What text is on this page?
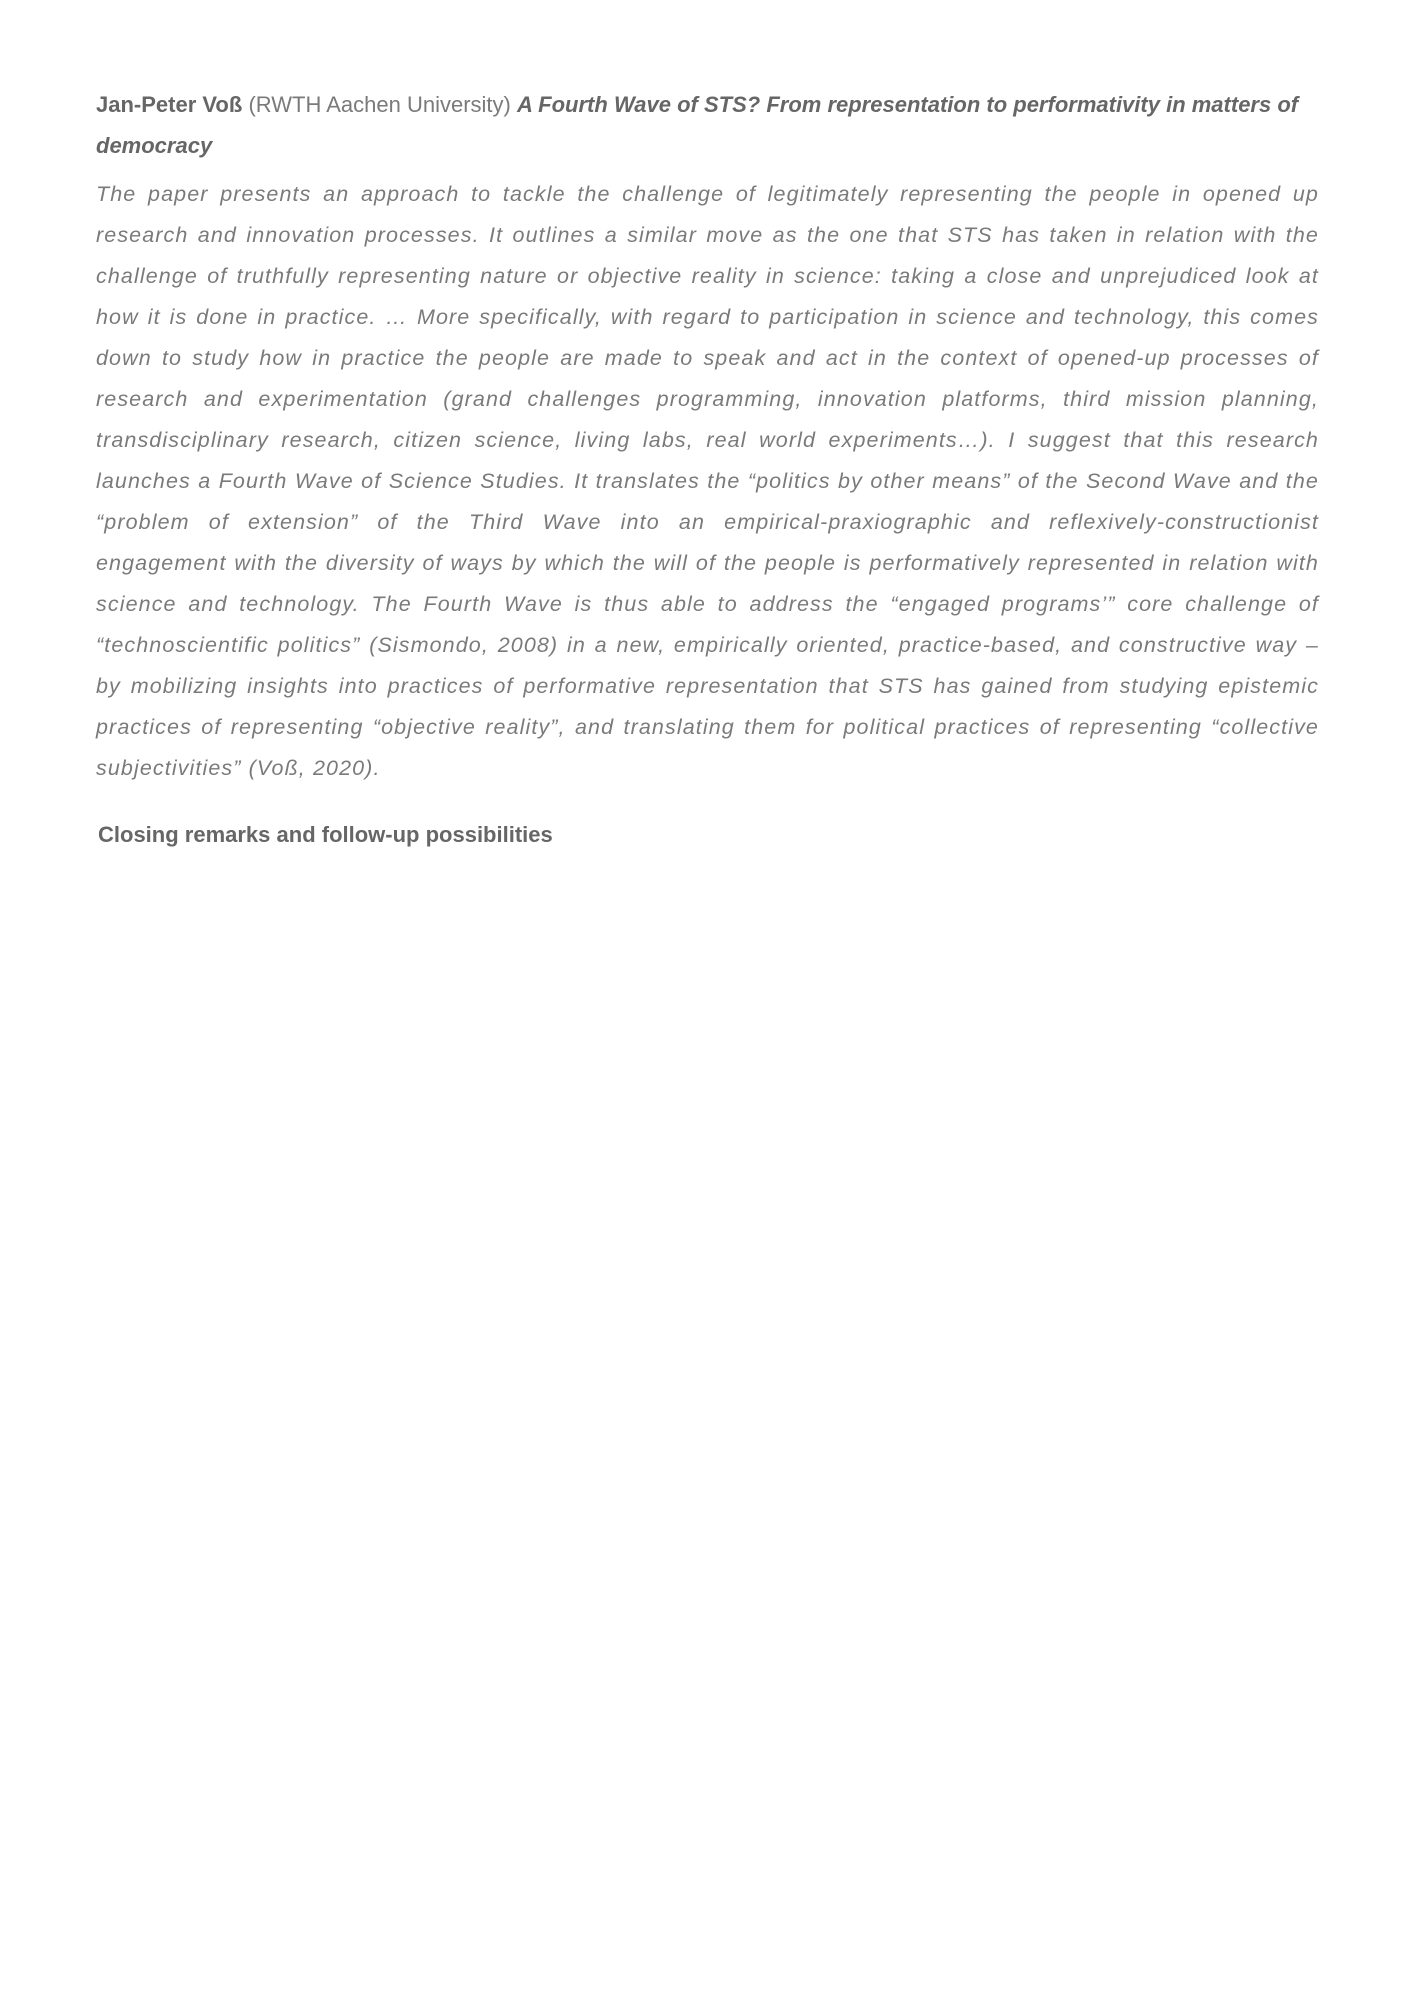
Jan-Peter Voß (RWTH Aachen University) A Fourth Wave of STS? From representation to performativity in matters of democracy

The paper presents an approach to tackle the challenge of legitimately representing the people in opened up research and innovation processes. It outlines a similar move as the one that STS has taken in relation with the challenge of truthfully representing nature or objective reality in science: taking a close and unprejudiced look at how it is done in practice. … More specifically, with regard to participation in science and technology, this comes down to study how in practice the people are made to speak and act in the context of opened-up processes of research and experimentation (grand challenges programming, innovation platforms, third mission planning, transdisciplinary research, citizen science, living labs, real world experiments…). I suggest that this research launches a Fourth Wave of Science Studies. It translates the “politics by other means” of the Second Wave and the “problem of extension” of the Third Wave into an empirical-praxiographic and reflexively-constructionist engagement with the diversity of ways by which the will of the people is performatively represented in relation with science and technology. The Fourth Wave is thus able to address the “engaged programs’” core challenge of “technoscientific politics” (Sismondo, 2008) in a new, empirically oriented, practice-based, and constructive way – by mobilizing insights into practices of performative representation that STS has gained from studying epistemic practices of representing “objective reality”, and translating them for political practices of representing “collective subjectivities” (Voß, 2020).

Closing remarks and follow-up possibilities
